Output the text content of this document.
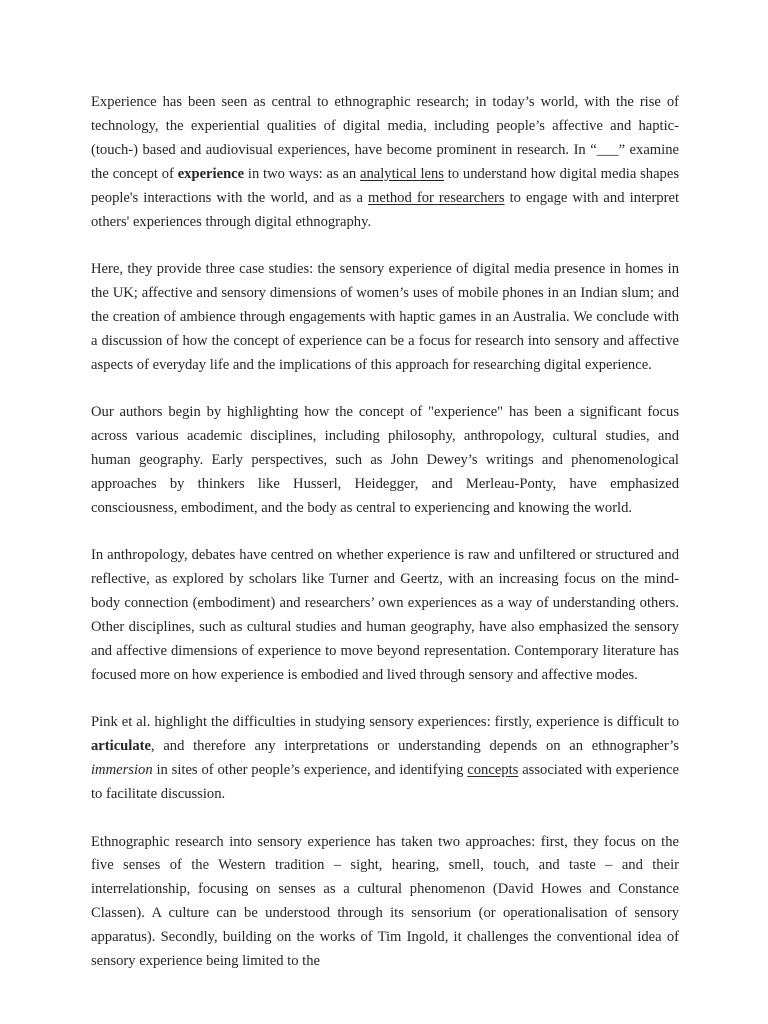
Experience has been seen as central to ethnographic research; in today’s world, with the rise of technology, the experiential qualities of digital media, including people’s affective and haptic- (touch-) based and audiovisual experiences, have become prominent in research. In “___” examine the concept of experience in two ways: as an analytical lens to understand how digital media shapes people's interactions with the world, and as a method for researchers to engage with and interpret others' experiences through digital ethnography.

Here, they provide three case studies: the sensory experience of digital media presence in homes in the UK; affective and sensory dimensions of women’s uses of mobile phones in an Indian slum; and the creation of ambience through engagements with haptic games in an Australia. We conclude with a discussion of how the concept of experience can be a focus for research into sensory and affective aspects of everyday life and the implications of this approach for researching digital experience.

Our authors begin by highlighting how the concept of "experience" has been a significant focus across various academic disciplines, including philosophy, anthropology, cultural studies, and human geography. Early perspectives, such as John Dewey’s writings and phenomenological approaches by thinkers like Husserl, Heidegger, and Merleau-Ponty, have emphasized consciousness, embodiment, and the body as central to experiencing and knowing the world.

In anthropology, debates have centred on whether experience is raw and unfiltered or structured and reflective, as explored by scholars like Turner and Geertz, with an increasing focus on the mind-body connection (embodiment) and researchers’ own experiences as a way of understanding others. Other disciplines, such as cultural studies and human geography, have also emphasized the sensory and affective dimensions of experience to move beyond representation. Contemporary literature has focused more on how experience is embodied and lived through sensory and affective modes.

Pink et al. highlight the difficulties in studying sensory experiences: firstly, experience is difficult to articulate, and therefore any interpretations or understanding depends on an ethnographer’s immersion in sites of other people’s experience, and identifying concepts associated with experience to facilitate discussion.

Ethnographic research into sensory experience has taken two approaches: first, they focus on the five senses of the Western tradition – sight, hearing, smell, touch, and taste – and their interrelationship, focusing on senses as a cultural phenomenon (David Howes and Constance Classen). A culture can be understood through its sensorium (or operationalisation of sensory apparatus). Secondly, building on the works of Tim Ingold, it challenges the conventional idea of sensory experience being limited to the
